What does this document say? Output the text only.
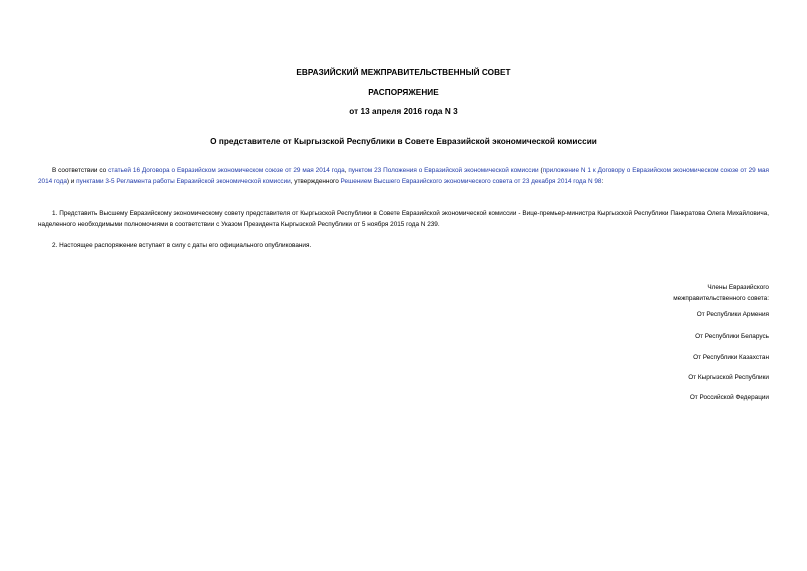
ЕВРАЗИЙСКИЙ МЕЖПРАВИТЕЛЬСТВЕННЫЙ СОВЕТ
РАСПОРЯЖЕНИЕ
от 13 апреля 2016 года N 3
О представителе от Кыргызской Республики в Совете Евразийской экономической комиссии
В соответствии со статьей 16 Договора о Евразийском экономическом союзе от 29 мая 2014 года, пунктом 23 Положения о Евразийской экономической комиссии (приложение N 1 к Договору о Евразийском экономическом союзе от 29 мая 2014 года) и пунктами 3-5 Регламента работы Евразийской экономической комиссии, утвержденного Решением Высшего Евразийского экономического совета от 23 декабря 2014 года N 98:
1. Представить Высшему Евразийскому экономическому совету представителя от Кыргызской Республики в Совете Евразийской экономической комиссии - Вице-премьер-министра Кыргызской Республики Панкратова Олега Михайловича, наделенного необходимыми полномочиями в соответствии с Указом Президента Кыргызской Республики от 5 ноября 2015 года N 239.
2. Настоящее распоряжение вступает в силу с даты его официального опубликования.
Члены Евразийского
межправительственного совета:
От Республики Армения
От Республики Беларусь
От Республики Казахстан
От Кыргызской Республики
От Российской Федерации
